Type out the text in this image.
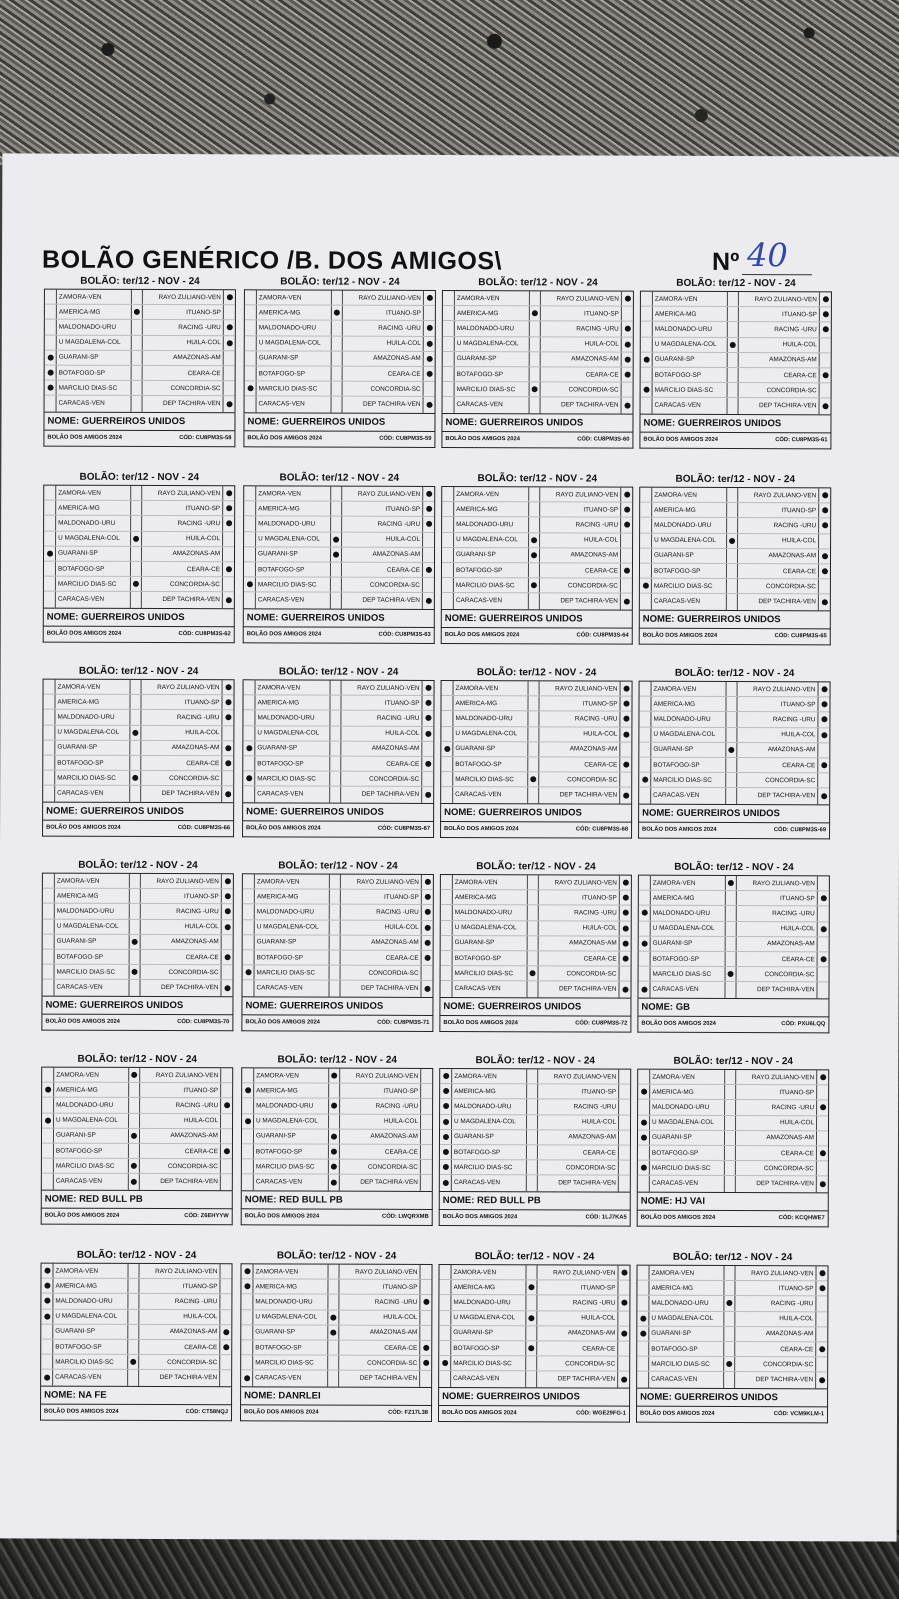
BOLÃO GENÉRICO /B. DOS AMIGOS\	Nº 40
BOLÃO: ter/12 - NOV - 24
ZAMORA-VEN	RAYO ZULIANO-VEN
AMERICA-MG	ITUANO-SP
MALDONADO-URU	RACING -URU
U MAGDALENA-COL	HUILA-COL
GUARANI-SP	AMAZONAS-AM
BOTAFOGO-SP	CEARA-CE
MARCILIO DIAS-SC	CONCORDIA-SC
CARACAS-VEN	DEP TACHIRA-VEN
NOME: GUERREIROS UNIDOS
BOLÃO DOS AMIGOS 2024	CÓD: CU8PM3S-58
BOLÃO: ter/12 - NOV - 24
ZAMORA-VEN	RAYO ZULIANO-VEN
AMERICA-MG	ITUANO-SP
MALDONADO-URU	RACING -URU
U MAGDALENA-COL	HUILA-COL
GUARANI-SP	AMAZONAS-AM
BOTAFOGO-SP	CEARA-CE
MARCILIO DIAS-SC	CONCORDIA-SC
CARACAS-VEN	DEP TACHIRA-VEN
NOME: GUERREIROS UNIDOS
BOLÃO DOS AMIGOS 2024	CÓD: CU8PM3S-59
BOLÃO: ter/12 - NOV - 24
ZAMORA-VEN	RAYO ZULIANO-VEN
AMERICA-MG	ITUANO-SP
MALDONADO-URU	RACING -URU
U MAGDALENA-COL	HUILA-COL
GUARANI-SP	AMAZONAS-AM
BOTAFOGO-SP	CEARA-CE
MARCILIO DIAS-SC	CONCORDIA-SC
CARACAS-VEN	DEP TACHIRA-VEN
NOME: GUERREIROS UNIDOS
BOLÃO DOS AMIGOS 2024	CÓD: CU8PM3S-60
BOLÃO: ter/12 - NOV - 24
ZAMORA-VEN	RAYO ZULIANO-VEN
AMERICA-MG	ITUANO-SP
MALDONADO-URU	RACING -URU
U MAGDALENA-COL	HUILA-COL
GUARANI-SP	AMAZONAS-AM
BOTAFOGO-SP	CEARA-CE
MARCILIO DIAS-SC	CONCORDIA-SC
CARACAS-VEN	DEP TACHIRA-VEN
NOME: GUERREIROS UNIDOS
BOLÃO DOS AMIGOS 2024	CÓD: CU8PM3S-61
BOLÃO: ter/12 - NOV - 24
ZAMORA-VEN	RAYO ZULIANO-VEN
AMERICA-MG	ITUANO-SP
MALDONADO-URU	RACING -URU
U MAGDALENA-COL	HUILA-COL
GUARANI-SP	AMAZONAS-AM
BOTAFOGO-SP	CEARA-CE
MARCILIO DIAS-SC	CONCORDIA-SC
CARACAS-VEN	DEP TACHIRA-VEN
NOME: GUERREIROS UNIDOS
BOLÃO DOS AMIGOS 2024	CÓD: CU8PM3S-62
BOLÃO: ter/12 - NOV - 24
ZAMORA-VEN	RAYO ZULIANO-VEN
AMERICA-MG	ITUANO-SP
MALDONADO-URU	RACING -URU
U MAGDALENA-COL	HUILA-COL
GUARANI-SP	AMAZONAS-AM
BOTAFOGO-SP	CEARA-CE
MARCILIO DIAS-SC	CONCORDIA-SC
CARACAS-VEN	DEP TACHIRA-VEN
NOME: GUERREIROS UNIDOS
BOLÃO DOS AMIGOS 2024	CÓD: CU8PM3S-63
BOLÃO: ter/12 - NOV - 24
ZAMORA-VEN	RAYO ZULIANO-VEN
AMERICA-MG	ITUANO-SP
MALDONADO-URU	RACING -URU
U MAGDALENA-COL	HUILA-COL
GUARANI-SP	AMAZONAS-AM
BOTAFOGO-SP	CEARA-CE
MARCILIO DIAS-SC	CONCORDIA-SC
CARACAS-VEN	DEP TACHIRA-VEN
NOME: GUERREIROS UNIDOS
BOLÃO DOS AMIGOS 2024	CÓD: CU8PM3S-64
BOLÃO: ter/12 - NOV - 24
ZAMORA-VEN	RAYO ZULIANO-VEN
AMERICA-MG	ITUANO-SP
MALDONADO-URU	RACING -URU
U MAGDALENA-COL	HUILA-COL
GUARANI-SP	AMAZONAS-AM
BOTAFOGO-SP	CEARA-CE
MARCILIO DIAS-SC	CONCORDIA-SC
CARACAS-VEN	DEP TACHIRA-VEN
NOME: GUERREIROS UNIDOS
BOLÃO DOS AMIGOS 2024	CÓD: CU8PM3S-65
BOLÃO: ter/12 - NOV - 24
ZAMORA-VEN	RAYO ZULIANO-VEN
AMERICA-MG	ITUANO-SP
MALDONADO-URU	RACING -URU
U MAGDALENA-COL	HUILA-COL
GUARANI-SP	AMAZONAS-AM
BOTAFOGO-SP	CEARA-CE
MARCILIO DIAS-SC	CONCORDIA-SC
CARACAS-VEN	DEP TACHIRA-VEN
NOME: GUERREIROS UNIDOS
BOLÃO DOS AMIGOS 2024	CÓD: CU8PM3S-66
BOLÃO: ter/12 - NOV - 24
ZAMORA-VEN	RAYO ZULIANO-VEN
AMERICA-MG	ITUANO-SP
MALDONADO-URU	RACING -URU
U MAGDALENA-COL	HUILA-COL
GUARANI-SP	AMAZONAS-AM
BOTAFOGO-SP	CEARA-CE
MARCILIO DIAS-SC	CONCORDIA-SC
CARACAS-VEN	DEP TACHIRA-VEN
NOME: GUERREIROS UNIDOS
BOLÃO DOS AMIGOS 2024	CÓD: CU8PM3S-67
BOLÃO: ter/12 - NOV - 24
ZAMORA-VEN	RAYO ZULIANO-VEN
AMERICA-MG	ITUANO-SP
MALDONADO-URU	RACING -URU
U MAGDALENA-COL	HUILA-COL
GUARANI-SP	AMAZONAS-AM
BOTAFOGO-SP	CEARA-CE
MARCILIO DIAS-SC	CONCORDIA-SC
CARACAS-VEN	DEP TACHIRA-VEN
NOME: GUERREIROS UNIDOS
BOLÃO DOS AMIGOS 2024	CÓD: CU8PM3S-68
BOLÃO: ter/12 - NOV - 24
ZAMORA-VEN	RAYO ZULIANO-VEN
AMERICA-MG	ITUANO-SP
MALDONADO-URU	RACING -URU
U MAGDALENA-COL	HUILA-COL
GUARANI-SP	AMAZONAS-AM
BOTAFOGO-SP	CEARA-CE
MARCILIO DIAS-SC	CONCORDIA-SC
CARACAS-VEN	DEP TACHIRA-VEN
NOME: GUERREIROS UNIDOS
BOLÃO DOS AMIGOS 2024	CÓD: CU8PM3S-69
BOLÃO: ter/12 - NOV - 24
ZAMORA-VEN	RAYO ZULIANO-VEN
AMERICA-MG	ITUANO-SP
MALDONADO-URU	RACING -URU
U MAGDALENA-COL	HUILA-COL
GUARANI-SP	AMAZONAS-AM
BOTAFOGO-SP	CEARA-CE
MARCILIO DIAS-SC	CONCORDIA-SC
CARACAS-VEN	DEP TACHIRA-VEN
NOME: GUERREIROS UNIDOS
BOLÃO DOS AMIGOS 2024	CÓD: CU8PM3S-70
BOLÃO: ter/12 - NOV - 24
ZAMORA-VEN	RAYO ZULIANO-VEN
AMERICA-MG	ITUANO-SP
MALDONADO-URU	RACING -URU
U MAGDALENA-COL	HUILA-COL
GUARANI-SP	AMAZONAS-AM
BOTAFOGO-SP	CEARA-CE
MARCILIO DIAS-SC	CONCORDIA-SC
CARACAS-VEN	DEP TACHIRA-VEN
NOME: GUERREIROS UNIDOS
BOLÃO DOS AMIGOS 2024	CÓD: CU8PM3S-71
BOLÃO: ter/12 - NOV - 24
ZAMORA-VEN	RAYO ZULIANO-VEN
AMERICA-MG	ITUANO-SP
MALDONADO-URU	RACING -URU
U MAGDALENA-COL	HUILA-COL
GUARANI-SP	AMAZONAS-AM
BOTAFOGO-SP	CEARA-CE
MARCILIO DIAS-SC	CONCORDIA-SC
CARACAS-VEN	DEP TACHIRA-VEN
NOME: GUERREIROS UNIDOS
BOLÃO DOS AMIGOS 2024	CÓD: CU8PM3S-72
BOLÃO: ter/12 - NOV - 24
ZAMORA-VEN	RAYO ZULIANO-VEN
AMERICA-MG	ITUANO-SP
MALDONADO-URU	RACING -URU
U MAGDALENA-COL	HUILA-COL
GUARANI-SP	AMAZONAS-AM
BOTAFOGO-SP	CEARA-CE
MARCILIO DIAS-SC	CONCORDIA-SC
CARACAS-VEN	DEP TACHIRA-VEN
NOME: GB
BOLÃO DOS AMIGOS 2024	CÓD: PXU6LQQ
BOLÃO: ter/12 - NOV - 24
ZAMORA-VEN	RAYO ZULIANO-VEN
AMERICA-MG	ITUANO-SP
MALDONADO-URU	RACING -URU
U MAGDALENA-COL	HUILA-COL
GUARANI-SP	AMAZONAS-AM
BOTAFOGO-SP	CEARA-CE
MARCILIO DIAS-SC	CONCORDIA-SC
CARACAS-VEN	DEP TACHIRA-VEN
NOME: RED BULL PB
BOLÃO DOS AMIGOS 2024	CÓD: Z6EHYYW
BOLÃO: ter/12 - NOV - 24
ZAMORA-VEN	RAYO ZULIANO-VEN
AMERICA-MG	ITUANO-SP
MALDONADO-URU	RACING -URU
U MAGDALENA-COL	HUILA-COL
GUARANI-SP	AMAZONAS-AM
BOTAFOGO-SP	CEARA-CE
MARCILIO DIAS-SC	CONCORDIA-SC
CARACAS-VEN	DEP TACHIRA-VEN
NOME: RED BULL PB
BOLÃO DOS AMIGOS 2024	CÓD: LWQRXMB
BOLÃO: ter/12 - NOV - 24
ZAMORA-VEN	RAYO ZULIANO-VEN
AMERICA-MG	ITUANO-SP
MALDONADO-URU	RACING -URU
U MAGDALENA-COL	HUILA-COL
GUARANI-SP	AMAZONAS-AM
BOTAFOGO-SP	CEARA-CE
MARCILIO DIAS-SC	CONCORDIA-SC
CARACAS-VEN	DEP TACHIRA-VEN
NOME: RED BULL PB
BOLÃO DOS AMIGOS 2024	CÓD: 1LJ7KA5
BOLÃO: ter/12 - NOV - 24
ZAMORA-VEN	RAYO ZULIANO-VEN
AMERICA-MG	ITUANO-SP
MALDONADO-URU	RACING -URU
U MAGDALENA-COL	HUILA-COL
GUARANI-SP	AMAZONAS-AM
BOTAFOGO-SP	CEARA-CE
MARCILIO DIAS-SC	CONCORDIA-SC
CARACAS-VEN	DEP TACHIRA-VEN
NOME: HJ VAI
BOLÃO DOS AMIGOS 2024	CÓD: KCQHWE7
BOLÃO: ter/12 - NOV - 24
ZAMORA-VEN	RAYO ZULIANO-VEN
AMERICA-MG	ITUANO-SP
MALDONADO-URU	RACING -URU
U MAGDALENA-COL	HUILA-COL
GUARANI-SP	AMAZONAS-AM
BOTAFOGO-SP	CEARA-CE
MARCILIO DIAS-SC	CONCORDIA-SC
CARACAS-VEN	DEP TACHIRA-VEN
NOME: NA FE
BOLÃO DOS AMIGOS 2024	CÓD: CT58NQJ
BOLÃO: ter/12 - NOV - 24
ZAMORA-VEN	RAYO ZULIANO-VEN
AMERICA-MG	ITUANO-SP
MALDONADO-URU	RACING -URU
U MAGDALENA-COL	HUILA-COL
GUARANI-SP	AMAZONAS-AM
BOTAFOGO-SP	CEARA-CE
MARCILIO DIAS-SC	CONCORDIA-SC
CARACAS-VEN	DEP TACHIRA-VEN
NOME: DANRLEI
BOLÃO DOS AMIGOS 2024	CÓD: FZ17L38
BOLÃO: ter/12 - NOV - 24
ZAMORA-VEN	RAYO ZULIANO-VEN
AMERICA-MG	ITUANO-SP
MALDONADO-URU	RACING -URU
U MAGDALENA-COL	HUILA-COL
GUARANI-SP	AMAZONAS-AM
BOTAFOGO-SP	CEARA-CE
MARCILIO DIAS-SC	CONCORDIA-SC
CARACAS-VEN	DEP TACHIRA-VEN
NOME: GUERREIROS UNIDOS
BOLÃO DOS AMIGOS 2024	CÓD: WGE29FG-1
BOLÃO: ter/12 - NOV - 24
ZAMORA-VEN	RAYO ZULIANO-VEN
AMERICA-MG	ITUANO-SP
MALDONADO-URU	RACING -URU
U MAGDALENA-COL	HUILA-COL
GUARANI-SP	AMAZONAS-AM
BOTAFOGO-SP	CEARA-CE
MARCILIO DIAS-SC	CONCORDIA-SC
CARACAS-VEN	DEP TACHIRA-VEN
NOME: GUERREIROS UNIDOS
BOLÃO DOS AMIGOS 2024	CÓD: VCM9KLM-1
